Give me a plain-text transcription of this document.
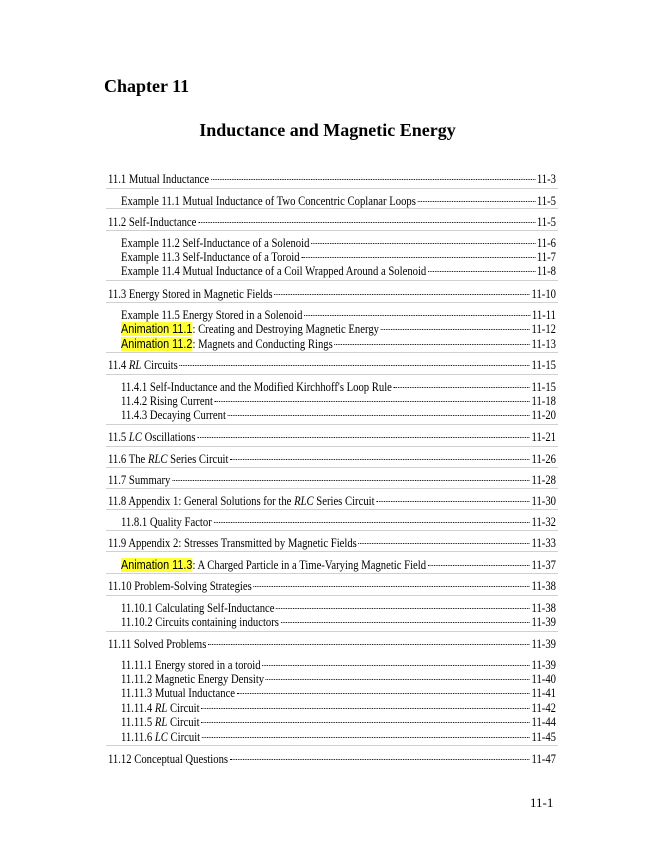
Chapter 11
Inductance and Magnetic Energy
11.1 Mutual Inductance	11-3
Example 11.1 Mutual Inductance of Two Concentric Coplanar Loops	11-5
11.2 Self-Inductance	11-5
Example 11.2 Self-Inductance of a Solenoid	11-6
Example 11.3 Self-Inductance of a Toroid	11-7
Example 11.4 Mutual Inductance of a Coil Wrapped Around a Solenoid	11-8
11.3 Energy Stored in Magnetic Fields	11-10
Example 11.5 Energy Stored in a Solenoid	11-11
Animation 11.1: Creating and Destroying Magnetic Energy	11-12
Animation 11.2: Magnets and Conducting Rings	11-13
11.4 RL Circuits	11-15
11.4.1 Self-Inductance and the Modified Kirchhoff's Loop Rule	11-15
11.4.2 Rising Current	11-18
11.4.3 Decaying Current	11-20
11.5 LC Oscillations	11-21
11.6 The RLC Series Circuit	11-26
11.7 Summary	11-28
11.8 Appendix 1: General Solutions for the RLC Series Circuit	11-30
11.8.1 Quality Factor	11-32
11.9 Appendix 2: Stresses Transmitted by Magnetic Fields	11-33
Animation 11.3: A Charged Particle in a Time-Varying Magnetic Field	11-37
11.10 Problem-Solving Strategies	11-38
11.10.1 Calculating Self-Inductance	11-38
11.10.2 Circuits containing inductors	11-39
11.11 Solved Problems	11-39
11.11.1 Energy stored in a toroid	11-39
11.11.2 Magnetic Energy Density	11-40
11.11.3 Mutual Inductance	11-41
11.11.4 RL Circuit	11-42
11.11.5 RL Circuit	11-44
11.11.6 LC Circuit	11-45
11.12 Conceptual Questions	11-47
11-1
